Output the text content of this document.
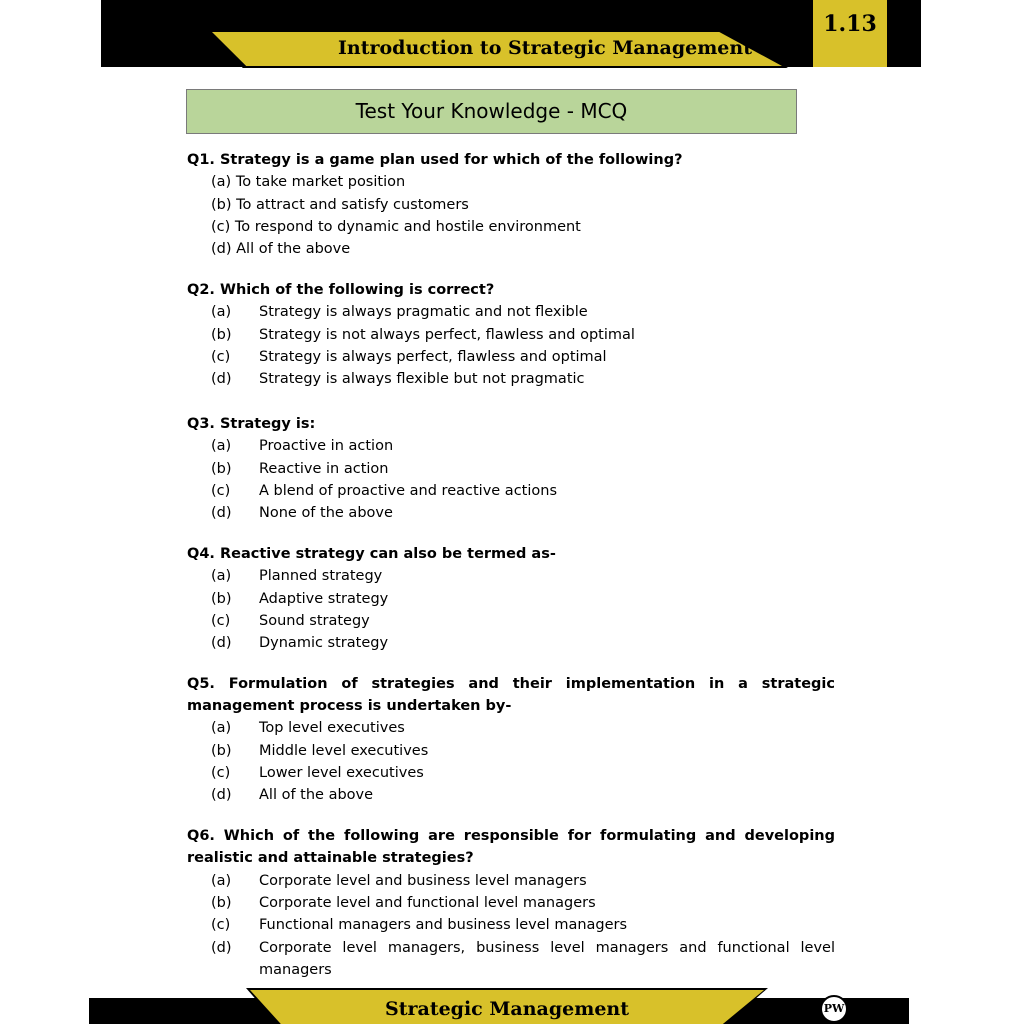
Introduction to Strategic Management
1.13
Test Your Knowledge - MCQ
Q1. Strategy is a game plan used for which of the following?
(a) To take market position
(b) To attract and satisfy customers
(c) To respond to dynamic and hostile environment
(d) All of the above
Q2. Which of the following is correct?
(a) Strategy is always pragmatic and not flexible
(b) Strategy is not always perfect, flawless and optimal
(c) Strategy is always perfect, flawless and optimal
(d) Strategy is always flexible but not pragmatic
Q3. Strategy is:
(a) Proactive in action
(b) Reactive in action
(c) A blend of proactive and reactive actions
(d) None of the above
Q4. Reactive strategy can also be termed as-
(a) Planned strategy
(b) Adaptive strategy
(c) Sound strategy
(d) Dynamic strategy
Q5. Formulation of strategies and their implementation in a strategic management process is undertaken by-
(a) Top level executives
(b) Middle level executives
(c) Lower level executives
(d) All of the above
Q6. Which of the following are responsible for formulating and developing realistic and attainable strategies?
(a) Corporate level and business level managers
(b) Corporate level and functional level managers
(c) Functional managers and business level managers
(d) Corporate level managers, business level managers and functional level
managers
Strategic Management	PW
